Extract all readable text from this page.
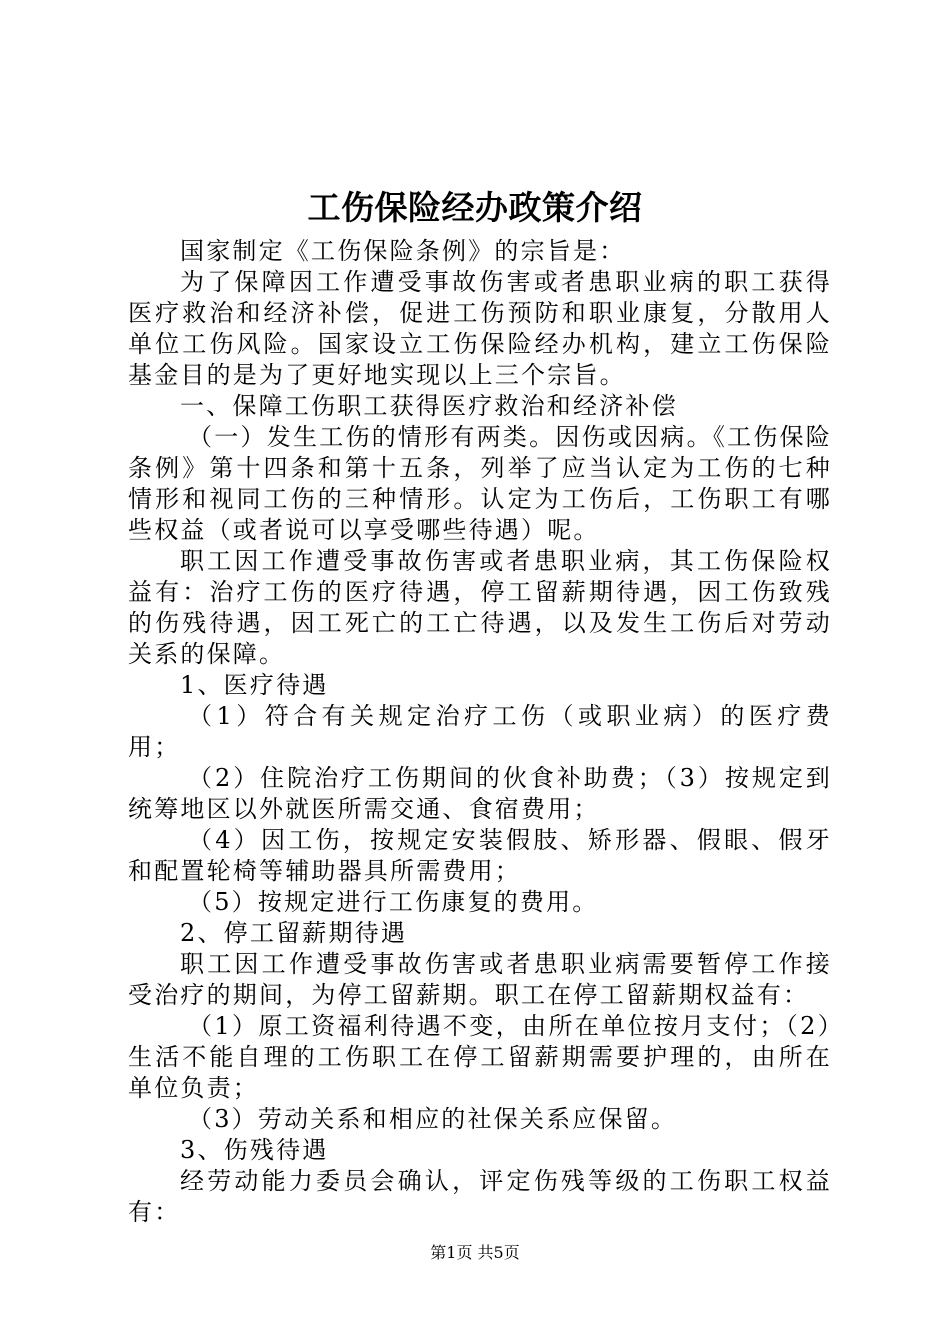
工伤保险经办政策介绍

国家制定《工伤保险条例》的宗旨是：

为了保障因工作遭受事故伤害或者患职业病的职工获得医疗救治和经济补偿，促进工伤预防和职业康复，分散用人单位工伤风险。国家设立工伤保险经办机构，建立工伤保险基金目的是为了更好地实现以上三个宗旨。

一、保障工伤职工获得医疗救治和经济补偿

（一）发生工伤的情形有两类。因伤或因病。《工伤保险条例》第十四条和第十五条，列举了应当认定为工伤的七种情形和视同工伤的三种情形。认定为工伤后，工伤职工有哪些权益（或者说可以享受哪些待遇）呢。

职工因工作遭受事故伤害或者患职业病，其工伤保险权益有：治疗工伤的医疗待遇，停工留薪期待遇，因工伤致残的伤残待遇，因工死亡的工亡待遇，以及发生工伤后对劳动关系的保障。

1、医疗待遇

（1）符合有关规定治疗工伤（或职业病）的医疗费用；

（2）住院治疗工伤期间的伙食补助费；（3）按规定到统筹地区以外就医所需交通、食宿费用；

（4）因工伤，按规定安装假肢、矫形器、假眼、假牙和配置轮椅等辅助器具所需费用；

（5）按规定进行工伤康复的费用。

2、停工留薪期待遇

职工因工作遭受事故伤害或者患职业病需要暂停工作接受治疗的期间，为停工留薪期。职工在停工留薪期权益有：

（1）原工资福利待遇不变，由所在单位按月支付；（2）生活不能自理的工伤职工在停工留薪期需要护理的，由所在单位负责；

（3）劳动关系和相应的社保关系应保留。

3、伤残待遇

经劳动能力委员会确认，评定伤残等级的工伤职工权益有：

第1页 共5页
